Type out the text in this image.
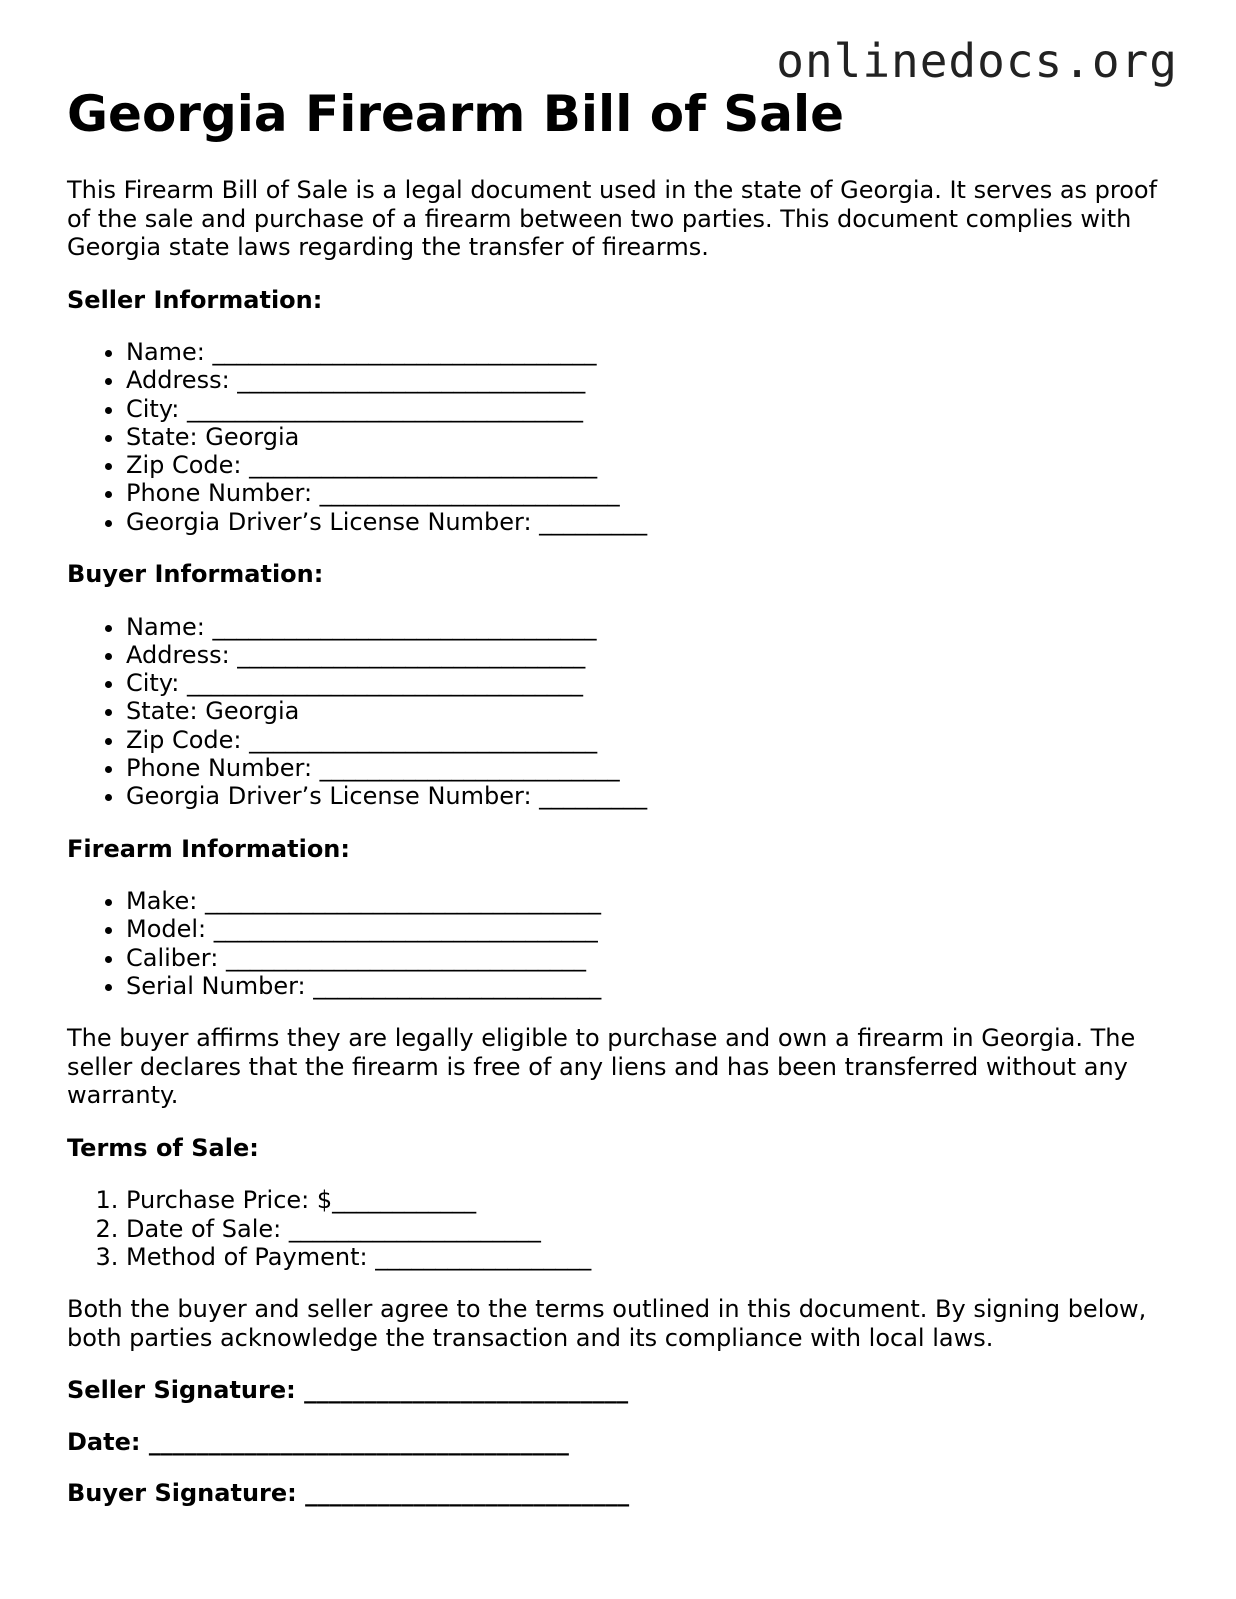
onlinedocs.org
Georgia Firearm Bill of Sale

This Firearm Bill of Sale is a legal document used in the state of Georgia. It serves as proof of the sale and purchase of a firearm between two parties. This document complies with Georgia state laws regarding the transfer of firearms.

Seller Information:

• Name: ________________________________
• Address: _____________________________
• City: _________________________________
• State: Georgia
• Zip Code: _____________________________
• Phone Number: _________________________
• Georgia Driver’s License Number: _________

Buyer Information:

• Name: ________________________________
• Address: _____________________________
• City: _________________________________
• State: Georgia
• Zip Code: _____________________________
• Phone Number: _________________________
• Georgia Driver’s License Number: _________

Firearm Information:

• Make: _________________________________
• Model: ________________________________
• Caliber: ______________________________
• Serial Number: ________________________

The buyer affirms they are legally eligible to purchase and own a firearm in Georgia. The seller declares that the firearm is free of any liens and has been transferred without any warranty.

Terms of Sale:

1. Purchase Price: $____________
2. Date of Sale: _____________________
3. Method of Payment: __________________

Both the buyer and seller agree to the terms outlined in this document. By signing below, both parties acknowledge the transaction and its compliance with local laws.

Seller Signature: ___________________________

Date: ___________________________________

Buyer Signature: ___________________________
